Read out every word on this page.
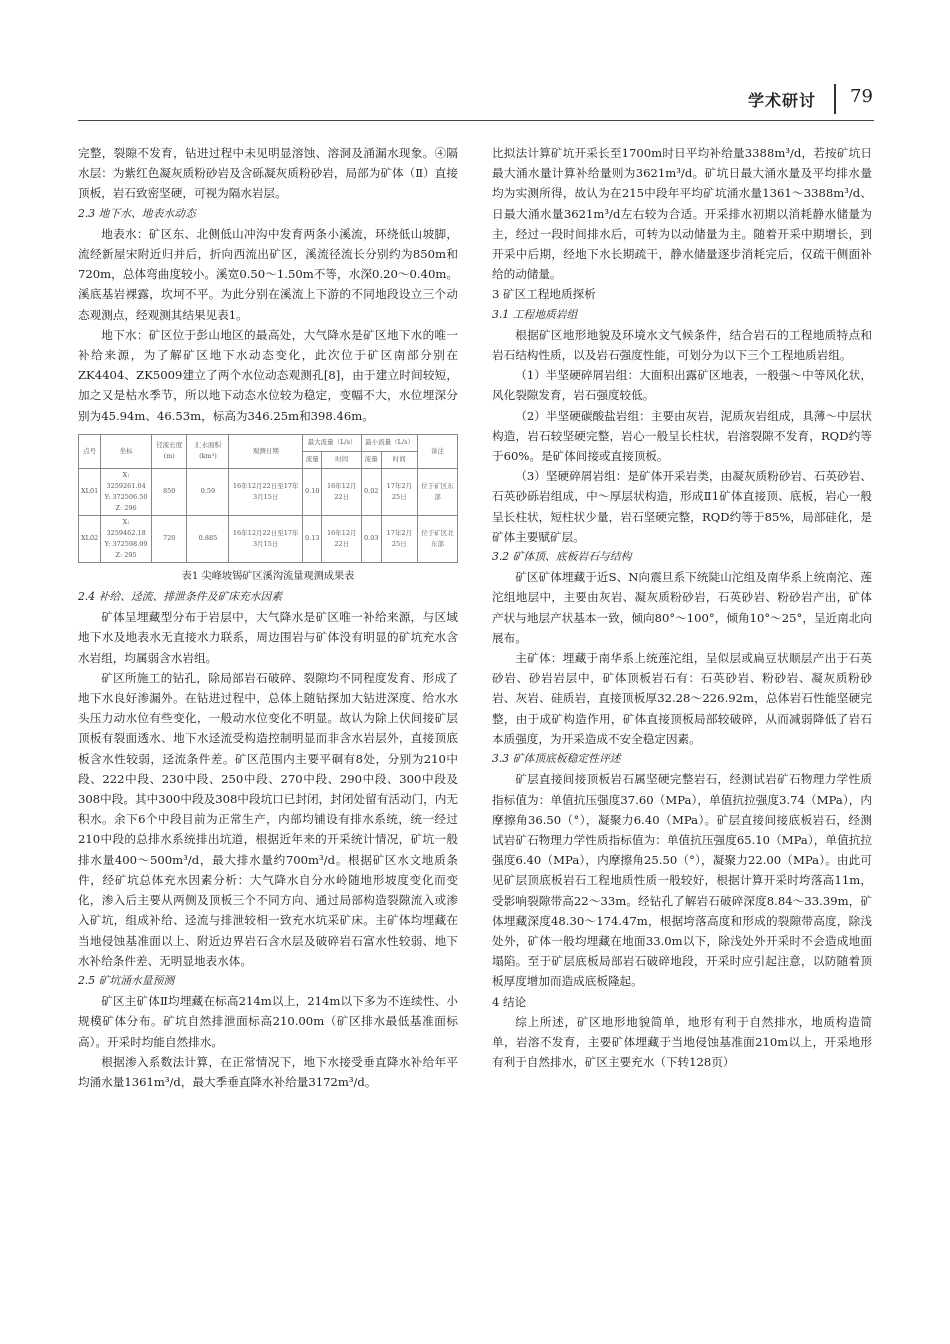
学术研讨 79

完整，裂隙不发育，钻进过程中未见明显溶蚀、溶洞及涌漏水现象。④隔水层：为紫红色凝灰质粉砂岩及含砾凝灰质粉砂岩，局部为矿体（Ⅱ）直接顶板，岩石致密坚硬，可视为隔水岩层。

2.3 地下水、地表水动态

地表水：矿区东、北侧低山冲沟中发育两条小溪流，环绕低山坡脚，流经新屋宋附近归并后，折向西流出矿区，溪流径流长分别约为850m和720m，总体弯曲度较小。溪宽0.50～1.50m不等，水深0.20～0.40m。溪底基岩裸露，坎坷不平。为此分别在溪流上下游的不同地段设立三个动态观测点，经观测其结果见表1。

地下水：矿区位于彭山地区的最高处，大气降水是矿区地下水的唯一补给来源，为了解矿区地下水动态变化，此次位于矿区南部分别在ZK4404、ZK5009建立了两个水位动态观测孔[8]，由于建立时间较短，加之又是枯水季节，所以地下动态水位较为稳定，变幅不大，水位埋深分别为45.94m、46.53m，标高为346.25m和398.46m。

点号	坐标	径流长度(m)	汇水面积(km²)	观测日期	最大流量（L/s）		最小流量（L/s）		备注
					流量	时间	流量	时间	
XL01	X: 3259261.04
Y: 372506.50
Z: 296	850	0.59	16年12月22日至17年3月15日	0.10	16年12月22日	0.02	17年2月25日	位于矿区东部
XL02	X: 3259462.18
Y: 372598.09
Z: 295	720	0.885	16年12月22日至17年3月15日	0.13	16年12月22日	0.03	17年2月25日	位于矿区北东部

表1 尖峰坡锡矿区溪沟流量观测成果表

2.4 补给、迳流、排泄条件及矿床充水因素

矿体呈埋藏型分布于岩层中，大气降水是矿区唯一补给来源，与区域地下水及地表水无直接水力联系，周边围岩与矿体没有明显的矿坑充水含水岩组，均属弱含水岩组。

矿区所施工的钻孔，除局部岩石破碎、裂隙均不同程度发育、形成了地下水良好渗漏外。在钻进过程中，总体上随钻探加大钻进深度、给水水头压力动水位有些变化，一般动水位变化不明显。故认为除上伏间接矿层顶板有裂面透水、地下水迳流受构造控制明显而非含水岩层外，直接顶底板含水性较弱，迳流条件差。矿区范围内主要平硐有8处，分别为210中段、222中段、230中段、250中段、270中段、290中段、300中段及308中段。其中300中段及308中段坑口已封闭，封闭处留有活动门，内无积水。余下6个中段目前为正常生产，内部均铺设有排水系统，统一经过210中段的总排水系统排出坑道，根据近年来的开采统计情况，矿坑一般排水量400～500m³/d，最大排水量约700m³/d。根据矿区水文地质条件，经矿坑总体充水因素分析：大气降水自分水岭随地形坡度变化而变化，渗入后主要从两侧及顶板三个不同方向、通过局部构造裂隙流入或渗入矿坑，组成补给、迳流与排泄较相一致充水坑采矿床。主矿体均埋藏在当地侵蚀基准面以上、附近边界岩石含水层及破碎岩石富水性较弱、地下水补给条件差、无明显地表水体。

2.5 矿坑涌水量预测

矿区主矿体Ⅱ均埋藏在标高214m以上，214m以下多为不连续性、小规模矿体分布。矿坑自然排泄面标高210.00m（矿区排水最低基准面标高）。开采时均能自然排水。

根据渗入系数法计算，在正常情况下，地下水接受垂直降水补给年平均涌水量1361m³/d，最大季垂直降水补给量3172m³/d。

比拟法计算矿坑开采长至1700m时日平均补给量3388m³/d，若按矿坑日最大涌水量计算补给量则为3621m³/d。矿坑日最大涌水量及平均排水量均为实测所得，故认为在215中段年平均矿坑涌水量1361～3388m³/d、日最大涌水量3621m³/d左右较为合适。开采排水初期以消耗静水储量为主，经过一段时间排水后，可转为以动储量为主。随着开采中期增长，到开采中后期，经地下水长期疏干，静水储量逐步消耗完后，仅疏干侧面补给的动储量。

3 矿区工程地质探析

3.1 工程地质岩组

根据矿区地形地貌及环境水文气候条件，结合岩石的工程地质特点和岩石结构性质，以及岩石强度性能，可划分为以下三个工程地质岩组。

（1）半坚硬碎屑岩组：大面积出露矿区地表，一般强～中等风化状，风化裂隙发育，岩石强度较低。

（2）半坚硬碳酸盐岩组：主要由灰岩，泥质灰岩组成，具薄～中层状构造，岩石较坚硬完整，岩心一般呈长柱状，岩溶裂隙不发育，RQD约等于60%。是矿体间接或直接顶板。

（3）坚硬碎屑岩组：是矿体开采岩类，由凝灰质粉砂岩、石英砂岩、石英砂砾岩组成，中～厚层状构造，形成Ⅱ1矿体直接顶、底板，岩心一般呈长柱状，短柱状少量，岩石坚硬完整，RQD约等于85%，局部硅化，是矿体主要赋矿层。

3.2 矿体顶、底板岩石与结构

矿区矿体埋藏于近S、N向震旦系下统陡山沱组及南华系上统南沱、莲沱组地层中，主要由灰岩、凝灰质粉砂岩，石英砂岩、粉砂岩产出，矿体产状与地层产状基本一致，倾向80°～100°，倾角10°～25°，呈近南北向展布。

主矿体：埋藏于南华系上统莲沱组，呈似层或扁豆状顺层产出于石英砂岩、砂岩岩层中，矿体顶板岩石有：石英砂岩、粉砂岩、凝灰质粉砂岩、灰岩、硅质岩，直接顶板厚32.28～226.92m，总体岩石性能坚硬完整，由于成矿构造作用，矿体直接顶板局部较破碎，从而减弱降低了岩石本质强度，为开采造成不安全稳定因素。

3.3 矿体顶底板稳定性评述

矿层直接间接顶板岩石属坚硬完整岩石，经测试岩矿石物理力学性质指标值为：单值抗压强度37.60（MPa），单值抗拉强度3.74（MPa），内摩擦角36.50（°），凝聚力6.40（MPa）。矿层直接间接底板岩石，经测试岩矿石物理力学性质指标值为：单值抗压强度65.10（MPa），单值抗拉强度6.40（MPa），内摩擦角25.50（°），凝聚力22.00（MPa）。由此可见矿层顶底板岩石工程地质性质一般较好，根据计算开采时垮落高11m，受影响裂隙带高22～33m。经钻孔了解岩石破碎深度8.84～33.39m，矿体埋藏深度48.30～174.47m，根据垮落高度和形成的裂隙带高度，除浅处外，矿体一般均埋藏在地面33.0m以下，除浅处外开采时不会造成地面塌陷。至于矿层底板局部岩石破碎地段，开采时应引起注意，以防随着顶板厚度增加而造成底板隆起。

4 结论

综上所述，矿区地形地貌简单，地形有利于自然排水，地质构造简单，岩溶不发育，主要矿体埋藏于当地侵蚀基准面210m以上，开采地形有利于自然排水，矿区主要充水（下转128页）
